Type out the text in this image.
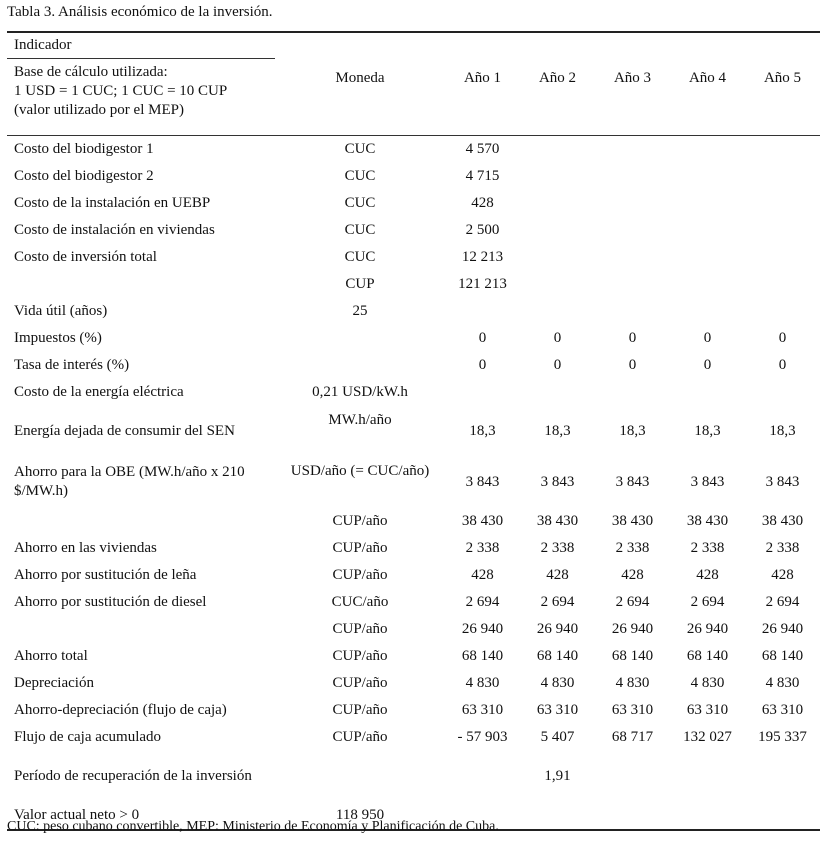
Tabla 3. Análisis económico de la inversión.
Indicador						

Base de cálculo utilizada:
1 USD = 1 CUC; 1 CUC = 10 CUP
(valor utilizado por el MEP)	Moneda	Año 1	Año 2	Año 3	Año 4	Año 5
Costo del biodigestor 1	CUC	4 570				
Costo del biodigestor 2	CUC	4 715				
Costo de la instalación en UEBP	CUC	428				
Costo de instalación en viviendas	CUC	2 500				
Costo de inversión total	CUC	12 213				
	CUP	121 213				
Vida útil (años)	25					
Impuestos (%)		0	0	0	0	0
Tasa de interés (%)		0	0	0	0	0
Costo de la energía eléctrica	0,21 USD/kW.h					
Energía dejada de consumir del SEN	MW.h/año	18,3	18,3	18,3	18,3	18,3
Ahorro para la OBE (MW.h/año x 210 $/MW.h)	USD/año (= CUC/año)	3 843	3 843	3 843	3 843	3 843
	CUP/año	38 430	38 430	38 430	38 430	38 430
Ahorro en las viviendas	CUP/año	2 338	2 338	2 338	2 338	2 338
Ahorro por sustitución de leña	CUP/año	428	428	428	428	428
Ahorro por sustitución de diesel	CUC/año	2 694	2 694	2 694	2 694	2 694
	CUP/año	26 940	26 940	26 940	26 940	26 940
Ahorro total	CUP/año	68 140	68 140	68 140	68 140	68 140
Depreciación	CUP/año	4 830	4 830	4 830	4 830	4 830
Ahorro-depreciación (flujo de caja)	CUP/año	63 310	63 310	63 310	63 310	63 310
Flujo de caja acumulado	CUP/año	- 57 903	5 407	68 717	132 027	195 337
Período de recuperación de la inversión			1,91			
Valor actual neto > 0	118 950					
CUC: peso cubano convertible, MEP: Ministerio de Economía y Planificación de Cuba.
